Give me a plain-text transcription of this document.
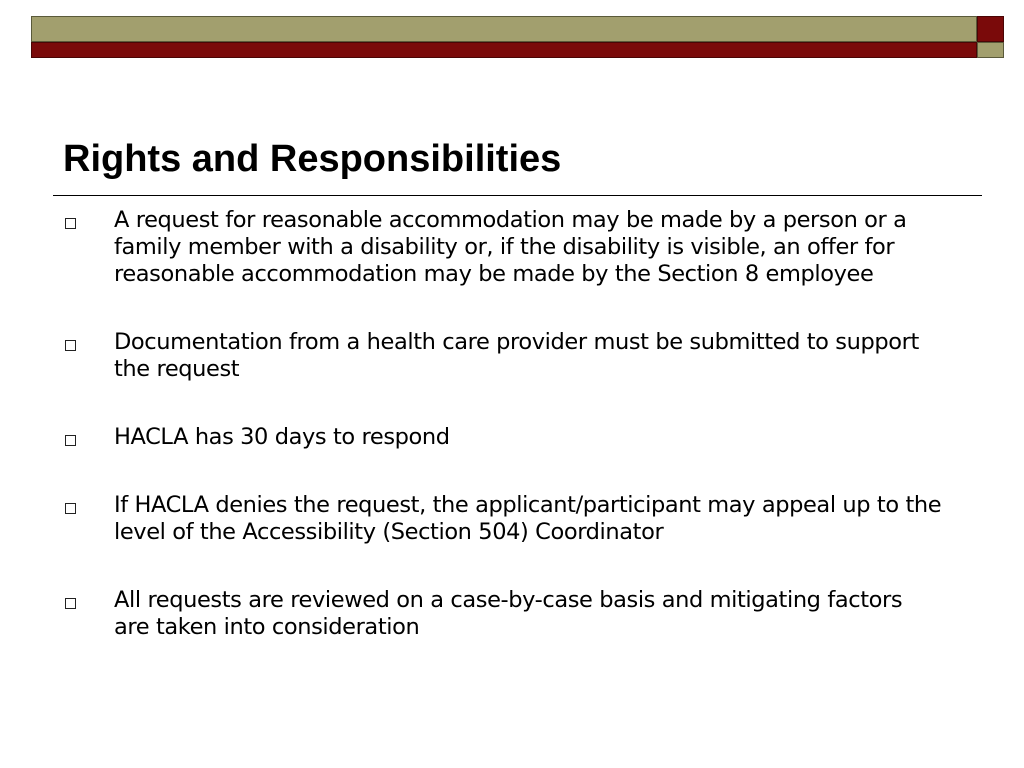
Rights and Responsibilities
A request for reasonable accommodation may be made by a person or a family member with a disability or, if the disability is visible, an offer for reasonable accommodation may be made by the Section 8 employee
Documentation from a health care provider must be submitted to support the request
HACLA has 30 days to respond
If HACLA denies the request, the applicant/participant may appeal up to the level of the Accessibility (Section 504) Coordinator
All requests are reviewed on a case-by-case basis and mitigating factors are taken into consideration
